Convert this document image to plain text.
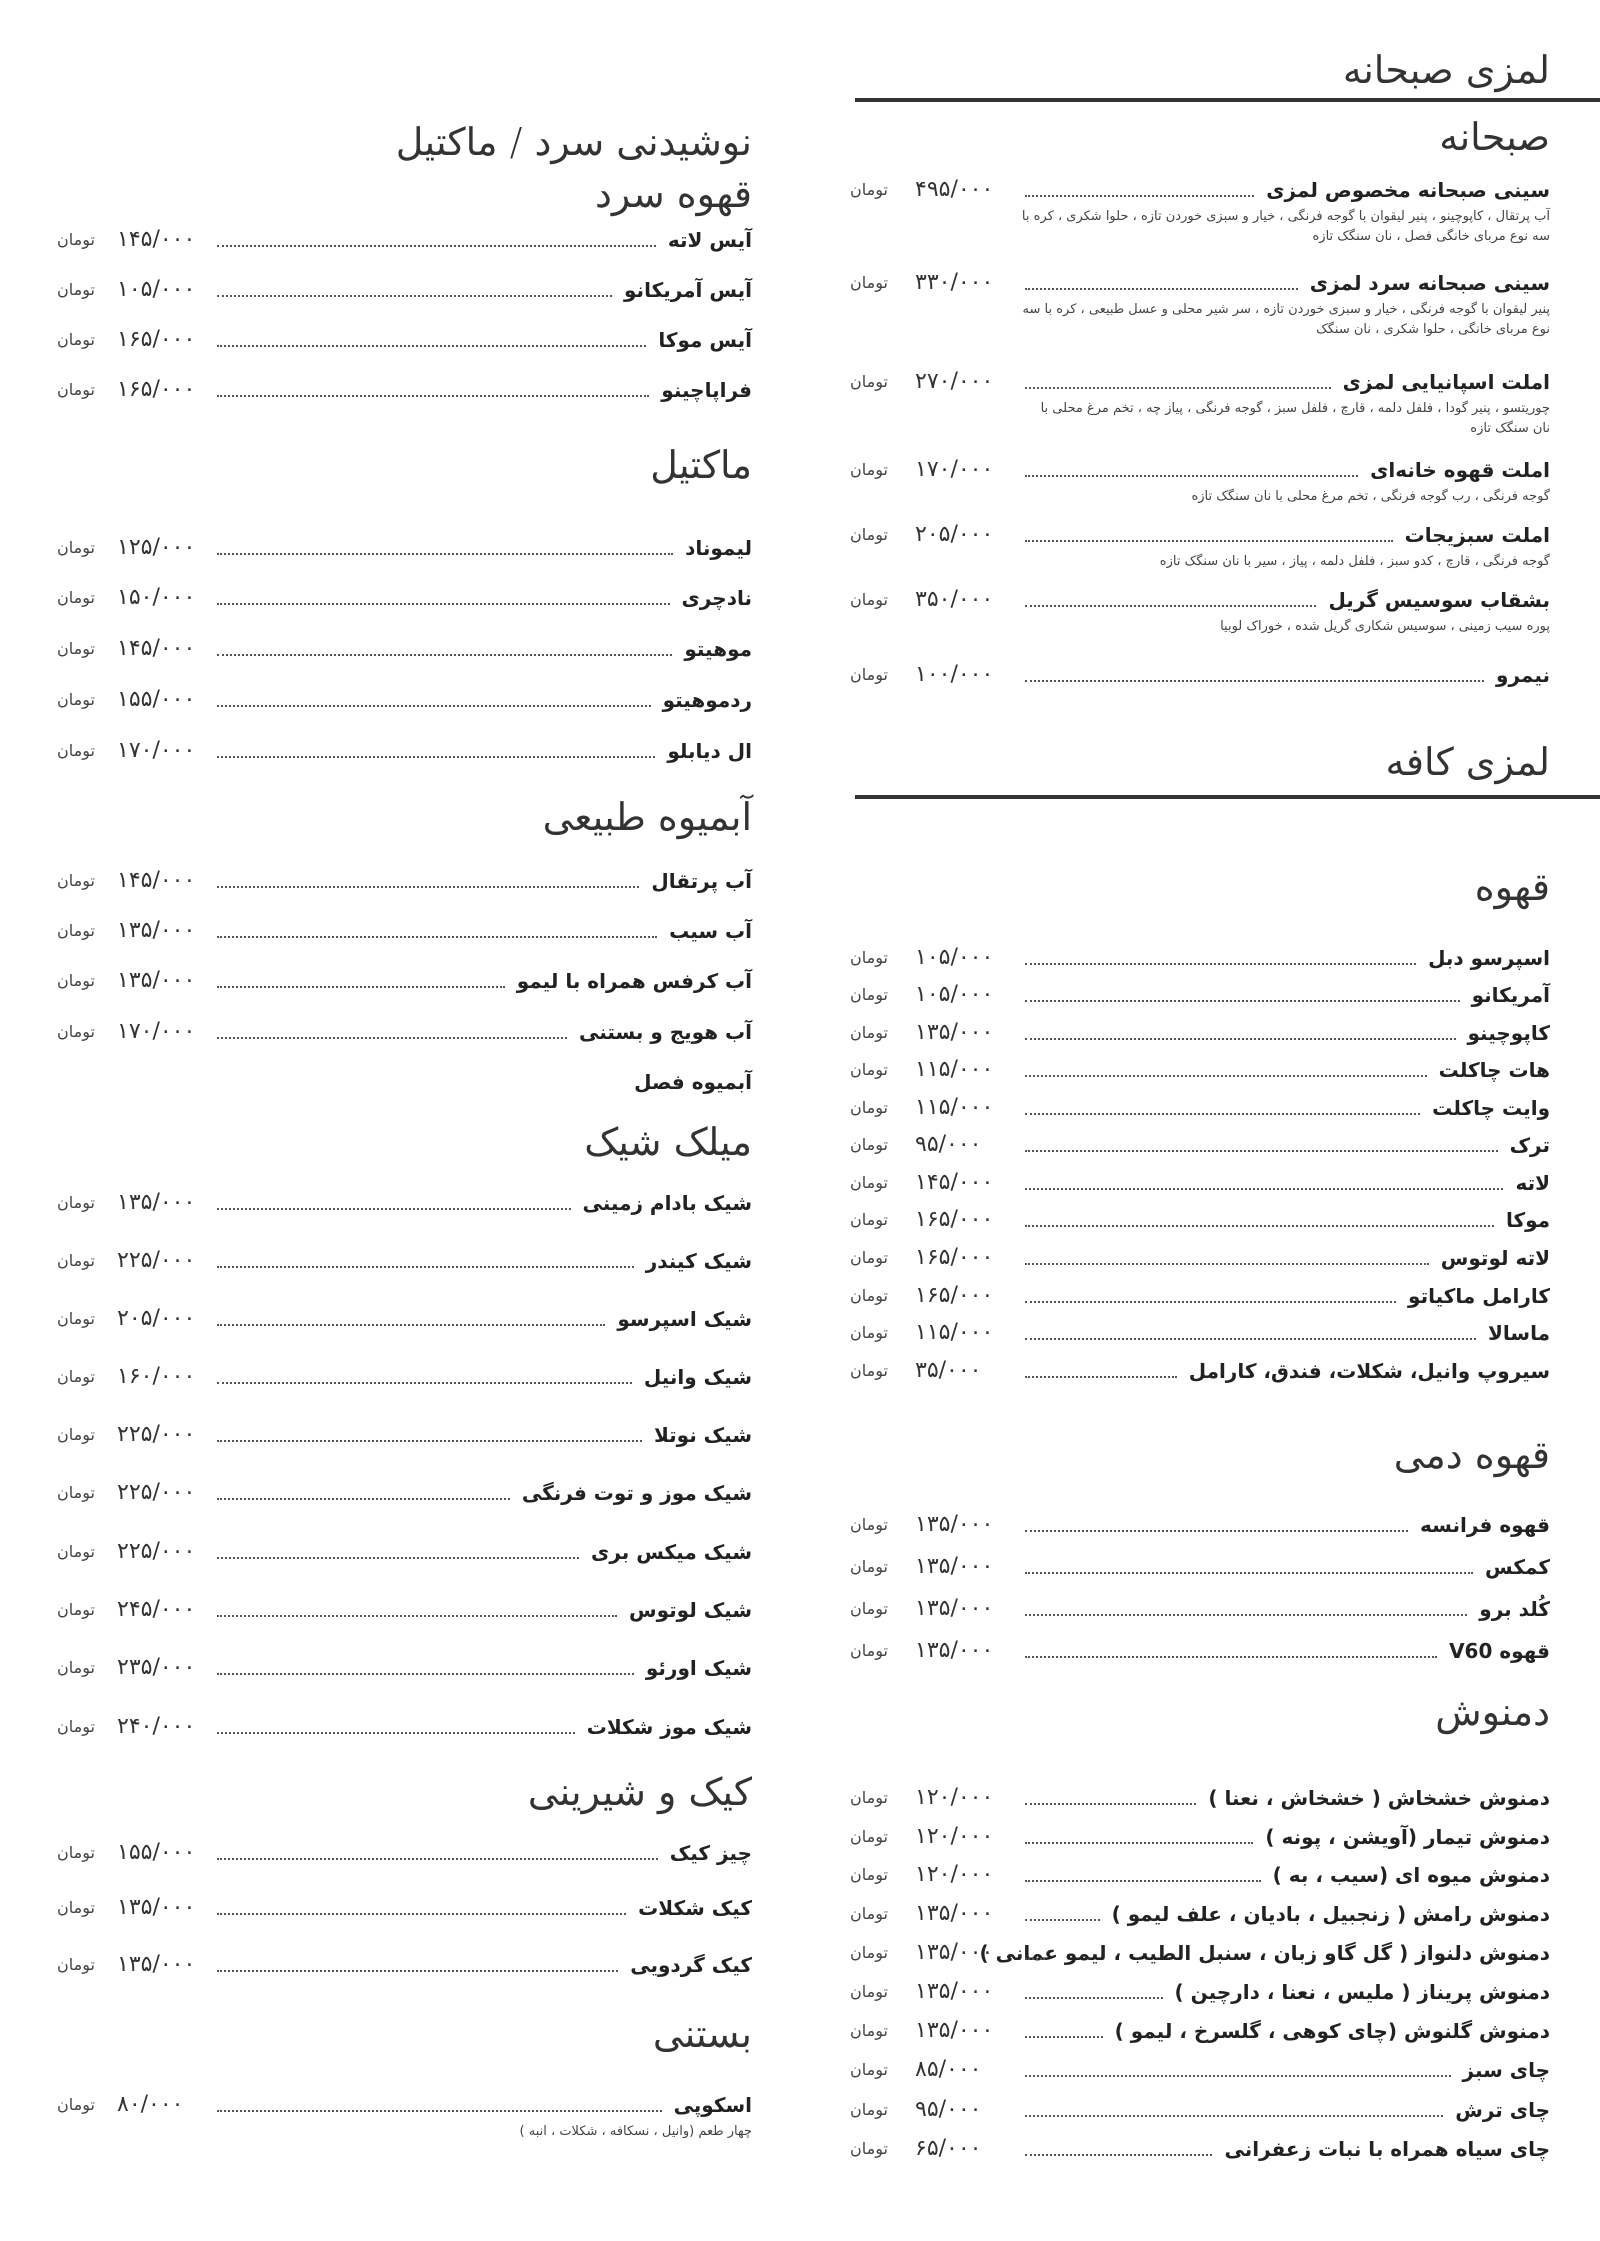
لمزی صبحانه
صبحانه
سینی صبحانه مخصوص لمزی
۴۹۵/۰۰۰
تومان
آب پرتقال ، کاپوچینو ، پنیر لیقوان با گوجه فرنگی ، خیار و سبزی خوردن تازه ، حلوا شکری ، کره با سه نوع مربای خانگی فصل ، نان سنگک تازه
سینی صبحانه سرد لمزی
۳۳۰/۰۰۰
تومان
پنیر لیقوان با گوجه فرنگی ، خیار و سبزی خوردن تازه ، سر شیر محلی و عسل طبیعی ، کره با سه نوع مربای خانگی ، حلوا شکری ، نان سنگک
املت اسپانیایی لمزی
۲۷۰/۰۰۰
تومان
چوریتسو ، پنیر گودا ، فلفل دلمه ، قارچ ، فلفل سبز ، گوجه فرنگی ، پیاز چه ، تخم مرغ محلی با نان سنگک تازه
املت قهوه خانه‌ای
۱۷۰/۰۰۰
تومان
گوجه فرنگی ، رب گوجه فرنگی ، تخم مرغ محلی با نان سنگک تازه
املت سبزیجات
۲۰۵/۰۰۰
تومان
گوجه فرنگی ، قارچ ، کدو سبز ، فلفل دلمه ، پیاز ، سیر با نان سنگک تازه
بشقاب سوسیس گریل
۳۵۰/۰۰۰
تومان
پوره سیب زمینی ، سوسیس شکاری گریل شده ، خوراک لوبیا
نیمرو
۱۰۰/۰۰۰
تومان
لمزی کافه
قهوه
اسپرسو دبل
۱۰۵/۰۰۰
تومان
آمریکانو
۱۰۵/۰۰۰
تومان
کاپوچینو
۱۳۵/۰۰۰
تومان
هات چاکلت
۱۱۵/۰۰۰
تومان
وایت چاکلت
۱۱۵/۰۰۰
تومان
ترک
۹۵/۰۰۰
تومان
لاته
۱۴۵/۰۰۰
تومان
موکا
۱۶۵/۰۰۰
تومان
لاته لوتوس
۱۶۵/۰۰۰
تومان
کارامل ماکیاتو
۱۶۵/۰۰۰
تومان
ماسالا
۱۱۵/۰۰۰
تومان
سیروپ وانیل، شکلات، فندق، کارامل
۳۵/۰۰۰
تومان
قهوه دمی
قهوه فرانسه
۱۳۵/۰۰۰
تومان
کمکس
۱۳۵/۰۰۰
تومان
کُلد برو
۱۳۵/۰۰۰
تومان
قهوه V60
۱۳۵/۰۰۰
تومان
دمنوش
دمنوش خشخاش ( خشخاش ، نعنا )
۱۲۰/۰۰۰
تومان
دمنوش تیمار (آویشن ، پونه )
۱۲۰/۰۰۰
تومان
دمنوش میوه ای (سیب ، به )
۱۲۰/۰۰۰
تومان
دمنوش رامش ( زنجبیل ، بادیان ، علف لیمو )
۱۳۵/۰۰۰
تومان
دمنوش دلنواز ( گل گاو زبان ، سنبل الطیب ، لیمو عمانی )
۱۳۵/۰۰۰
تومان
دمنوش پریناز ( ملیس ، نعنا ، دارچین )
۱۳۵/۰۰۰
تومان
دمنوش گلنوش (چای کوهی ، گلسرخ ، لیمو )
۱۳۵/۰۰۰
تومان
چای سبز
۸۵/۰۰۰
تومان
چای ترش
۹۵/۰۰۰
تومان
چای سیاه همراه با نبات زعفرانی
۶۵/۰۰۰
تومان
نوشیدنی سرد / ماکتیل
قهوه سرد
آیس لاته
۱۴۵/۰۰۰
تومان
آیس آمریکانو
۱۰۵/۰۰۰
تومان
آیس موکا
۱۶۵/۰۰۰
تومان
فراپاچینو
۱۶۵/۰۰۰
تومان
ماکتیل
لیموناد
۱۲۵/۰۰۰
تومان
نادچری
۱۵۰/۰۰۰
تومان
موهیتو
۱۴۵/۰۰۰
تومان
ردموهیتو
۱۵۵/۰۰۰
تومان
ال دیابلو
۱۷۰/۰۰۰
تومان
آبمیوه طبیعی
آب پرتقال
۱۴۵/۰۰۰
تومان
آب سیب
۱۳۵/۰۰۰
تومان
آب کرفس همراه با لیمو
۱۳۵/۰۰۰
تومان
آب هویج و بستنی
۱۷۰/۰۰۰
تومان
آبمیوه فصل
میلک شیک
شیک بادام زمینی
۱۳۵/۰۰۰
تومان
شیک کیندر
۲۲۵/۰۰۰
تومان
شیک اسپرسو
۲۰۵/۰۰۰
تومان
شیک وانیل
۱۶۰/۰۰۰
تومان
شیک نوتلا
۲۲۵/۰۰۰
تومان
شیک موز و توت فرنگی
۲۲۵/۰۰۰
تومان
شیک میکس بری
۲۲۵/۰۰۰
تومان
شیک لوتوس
۲۴۵/۰۰۰
تومان
شیک اورئو
۲۳۵/۰۰۰
تومان
شیک موز شکلات
۲۴۰/۰۰۰
تومان
کیک و شیرینی
چیز کیک
۱۵۵/۰۰۰
تومان
کیک شکلات
۱۳۵/۰۰۰
تومان
کیک گردویی
۱۳۵/۰۰۰
تومان
بستنی
اسکوپی
۸۰/۰۰۰
تومان
چهار طعم (وانیل ، نسکافه ، شکلات ، انبه )
